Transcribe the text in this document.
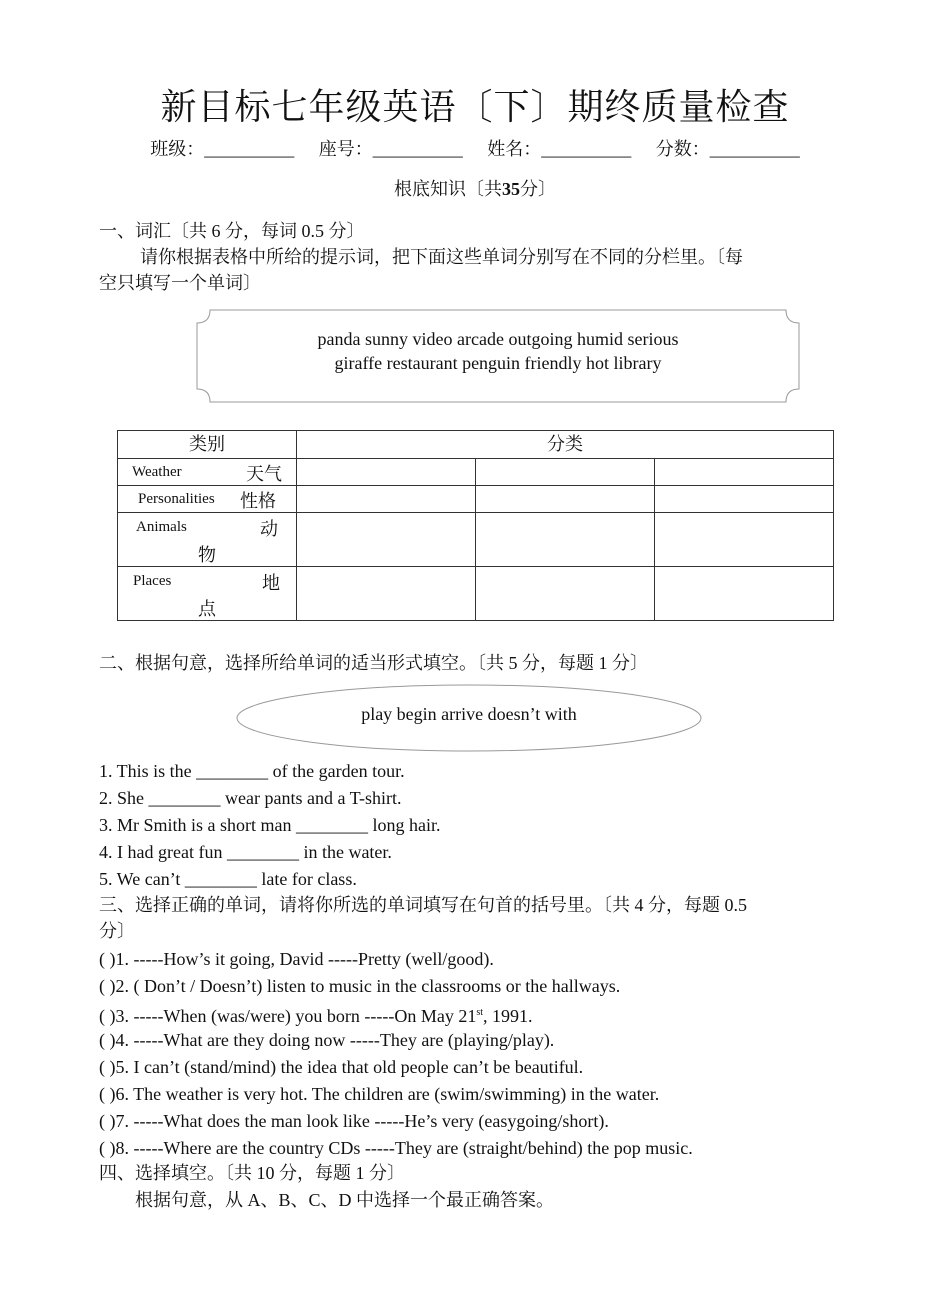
新目标七年级英语〔下〕期终质量检查
班级：__________ 座号：__________ 姓名：__________ 分数：__________
根底知识〔共35分〕
一、词汇〔共 6 分，每词 0.5 分〕
请你根据表格中所给的提示词，把下面这些单词分别写在不同的分栏里。〔每
空只填写一个单词〕
panda sunny video arcade outgoing humid serious
giraffe restaurant penguin friendly hot library
类别	分类		

Weather 天气			

Personalities 性格			

Animals 动
物			

Places 地
点			

二、根据句意，选择所给单词的适当形式填空。〔共 5 分，每题 1 分〕
play begin arrive doesn’t with
1. This is the ________ of the garden tour.
2. She ________ wear pants and a T-shirt.
3. Mr Smith is a short man ________ long hair.
4. I had great fun ________ in the water.
5. We can’t ________ late for class.
三、选择正确的单词，请将你所选的单词填写在句首的括号里。〔共 4 分，每题 0.5
分〕
( )1. -----How’s it going, David -----Pretty (well/good).
( )2. ( Don’t / Doesn’t) listen to music in the classrooms or the hallways.
( )3. -----When (was/were) you born -----On May 21st, 1991.
( )4. -----What are they doing now -----They are (playing/play).
( )5. I can’t (stand/mind) the idea that old people can’t be beautiful.
( )6. The weather is very hot. The children are (swim/swimming) in the water.
( )7. -----What does the man look like -----He’s very (easygoing/short).
( )8. -----Where are the country CDs -----They are (straight/behind) the pop music.
四、选择填空。〔共 10 分，每题 1 分〕
根据句意，从 A、B、C、D 中选择一个最正确答案。
